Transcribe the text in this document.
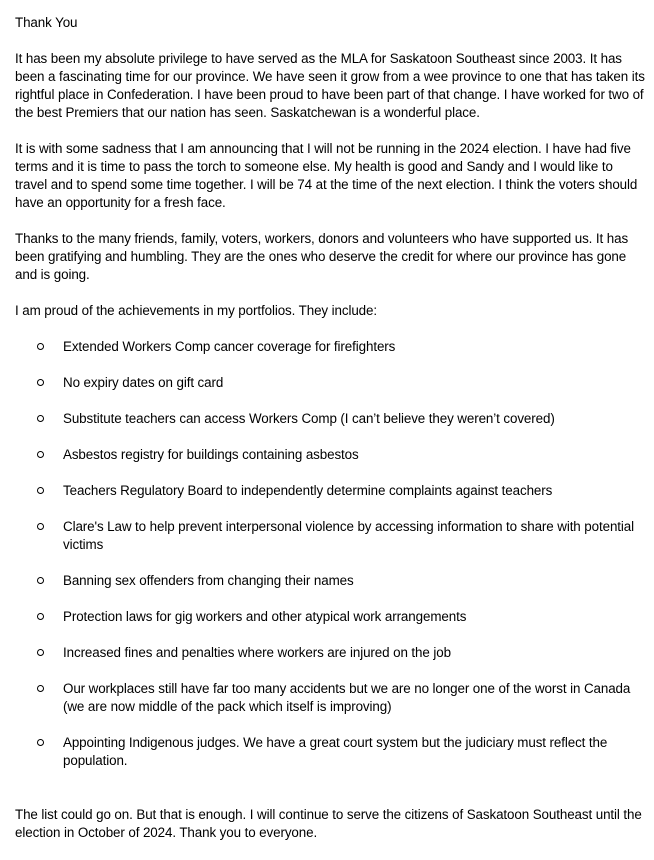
Thank You

It has been my absolute privilege to have served as the MLA for Saskatoon Southeast since 2003. It has been a fascinating time for our province. We have seen it grow from a wee province to one that has taken its rightful place in Confederation. I have been proud to have been part of that change. I have worked for two of the best Premiers that our nation has seen. Saskatchewan is a wonderful place.

It is with some sadness that I am announcing that I will not be running in the 2024 election. I have had five terms and it is time to pass the torch to someone else. My health is good and Sandy and I would like to travel and to spend some time together. I will be 74 at the time of the next election. I think the voters should have an opportunity for a fresh face.

Thanks to the many friends, family, voters, workers, donors and volunteers who have supported us. It has been gratifying and humbling. They are the ones who deserve the credit for where our province has gone and is going.

I am proud of the achievements in my portfolios. They include:

Extended Workers Comp cancer coverage for firefighters
No expiry dates on gift card
Substitute teachers can access Workers Comp (I can’t believe they weren’t covered)
Asbestos registry for buildings containing asbestos
Teachers Regulatory Board to independently determine complaints against teachers
Clare's Law to help prevent interpersonal violence by accessing information to share with potential victims
Banning sex offenders from changing their names
Protection laws for gig workers and other atypical work arrangements
Increased fines and penalties where workers are injured on the job
Our workplaces still have far too many accidents but we are no longer one of the worst in Canada (we are now middle of the pack which itself is improving)
Appointing Indigenous judges. We have a great court system but the judiciary must reflect the population.

The list could go on. But that is enough. I will continue to serve the citizens of Saskatoon Southeast until the election in October of 2024. Thank you to everyone.
